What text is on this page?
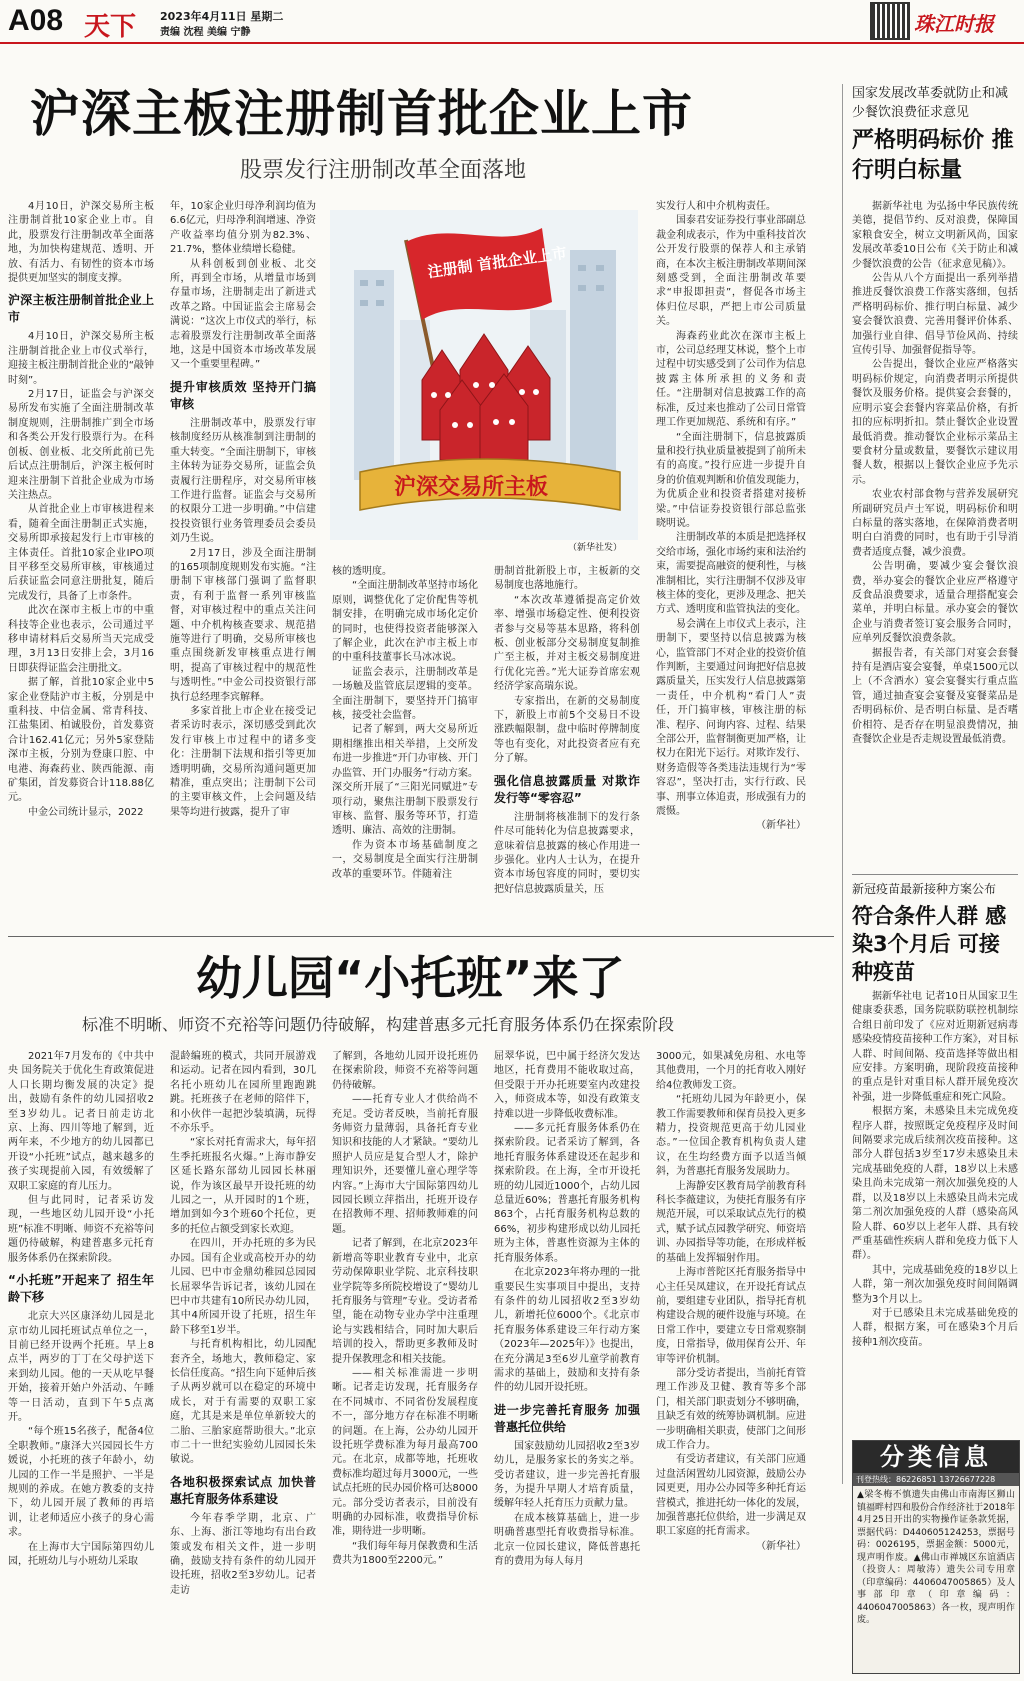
A08 天下 2023年4月11日 星期二
责编 沈程 美编 宁静	珠江时报
沪深主板注册制首批企业上市
股票发行注册制改革全面落地

4月10日，沪深交易所主板注册制首批10家企业上市。自此，股票发行注册制改革全面落地，为加快构建规范、透明、开放、有活力、有韧性的资本市场提供更加坚实的制度支撑。

沪深主板注册制首批企业上市

4月10日，沪深交易所主板注册制首批企业上市仪式举行，迎接主板注册制首批企业的“敲钟时刻”。

2月17日，证监会与沪深交易所发布实施了全面注册制改革制度规则，注册制推广到全市场和各类公开发行股票行为。在科创板、创业板、北交所此前已先后试点注册制后，沪深主板何时迎来注册制下首批企业成为市场关注热点。

从首批企业上市审核进程来看，随着全面注册制正式实施，交易所即承接起发行上市审核的主体责任。首批10家企业IPO项目平移至交易所审核，审核通过后获证监会同意注册批复，随后完成发行，具备了上市条件。

此次在深市主板上市的中重科技等企业也表示，公司通过平移申请材料后交易所当天完成受理，3月13日安排上会，3月16日即获得证监会注册批文。

据了解，首批10家企业中5家企业登陆沪市主板，分别是中重科技、中信金属、常青科技、江盐集团、柏诚股份，首发募资合计162.41亿元；另外5家登陆深市主板，分别为登康口腔、中电港、海森药业、陕西能源、南矿集团，首发募资合计118.88亿元。

中金公司统计显示，2022

年，10家企业归母净利润均值为6.6亿元，归母净利润增速、净资产收益率均值分别为82.3%、21.7%，整体业绩增长稳健。

从科创板到创业板、北交所，再到全市场，从增量市场到存量市场，注册制走出了新进式改革之路。中国证监会主席易会满说：“这次上市仪式的举行，标志着股票发行注册制改革全面落地，这是中国资本市场改革发展又一个重要里程碑。”

提升审核质效 坚持开门搞审核

注册制改革中，股票发行审核制度经历从核准制到注册制的重大转变。“全面注册制下，审核主体转为证券交易所，证监会负责履行注册程序，对交易所审核工作进行监督。证监会与交易所的权限分工进一步明确。”中信建投投资银行业务管理委员会委员刘乃生说。

2月17日，涉及全面注册制的165项制度规则发布实施。“注册制下审核部门强调了监督职责，有利于监督一系列审核监督，对审核过程中的重点关注问题、中介机构核查要求、规范措施等进行了明确，交易所审核也重点围绕新发审核重点进行阐明，提高了审核过程中的规范性与透明性。”中金公司投资银行部执行总经理李宾解释。

多家首批上市企业在接受记者采访时表示，深切感受到此次发行审核上市过程中的诸多变化：注册制下法规和指引等更加透明明确，交易所沟通问题更加精准，重点突出；注册制下公司的主要审核文件，上会问题及结果等均进行披露，提升了审

注册制 首批企业上市
沪深交易所主板
（新华社发）

核的透明度。

“全面注册制改革坚持市场化原则，调整优化了定价配售等机制安排，在明确完成市场化定价的同时，也使得投资者能够深入了解企业，此次在沪市主板上市的中重科技董事长马冰冰说。

证监会表示，注册制改革是一场触及监管底层逻辑的变革。全面注册制下，要坚持开门搞审核，接受社会监督。

记者了解到，两大交易所近期相继推出相关举措，上交所发布进一步推进“开门办审核、开门办监管、开门办服务”行动方案。深交所开展了“三阳光同赋进”专项行动，聚焦注册制下股票发行审核、监督、服务等环节，打造透明、廉洁、高效的注册制。

作为资本市场基础制度之一，交易制度是全面实行注册制改革的重要环节。伴随着注

册制首批新股上市，主板新的交易制度也落地施行。

“本次改革遵循提高定价效率、增强市场稳定性、便利投资者参与交易等基本思路，将科创板、创业板部分交易制度复制推广至主板，并对主板交易制度进行优化完善。”光大证券首席宏观经济学家高瑞东说。

专家指出，在新的交易制度下，新股上市前5个交易日不设涨跌幅限制，盘中临时停牌制度等也有变化，对此投资者应有充分了解。

强化信息披露质量 对欺诈发行等“零容忍”

注册制将核准制下的发行条件尽可能转化为信息披露要求，意味着信息披露的核心作用进一步强化。业内人士认为，在提升资本市场包容度的同时，要切实把好信息披露质量关，压

实发行人和中介机构责任。

国泰君安证券投行事业部副总裁金利成表示，作为中重科技首次公开发行股票的保荐人和主承销商，在本次主板注册制改革期间深刻感受到，全面注册制改革要求“申报即担责”，督促各市场主体归位尽职，严把上市公司质量关。

海森药业此次在深市主板上市，公司总经理艾林说，整个上市过程中切实感受到了公司作为信息披露主体所承担的义务和责任。“注册制对信息披露工作的高标准，反过来也推动了公司日常管理工作更加规范、系统和有序。”

“全面注册制下，信息披露质量和投行执业质量被提到了前所未有的高度。”投行应进一步提升自身的价值观判断和价值发现能力，为优质企业和投资者搭建对接桥梁。”中信证券投资银行部总监张晓明说。

注册制改革的本质是把选择权交给市场，强化市场约束和法治约束，需要提高融资的便利性，与核准制相比，实行注册制不仅涉及审核主体的变化，更涉及理念、把关方式、透明度和监管执法的变化。

易会满在上市仪式上表示，注册制下，要坚持以信息披露为核心，监管部门不对企业的投资价值作判断，主要通过问询把好信息披露质量关，压实发行人信息披露第一责任，中介机构“看门人”责任，开门搞审核，审核注册的标准、程序、问询内容、过程、结果全部公开，监督制衡更加严格，让权力在阳光下运行。对欺诈发行、财务造假等各类违法违规行为“零容忍”，坚决打击，实行行政、民事、刑事立体追责，形成强有力的震慑。

（新华社）

国家发展改革委就防止和减少餐饮浪费征求意见
严格明码标价 推行明白标量

据新华社电 为弘扬中华民族传统美德，提倡节约、反对浪费，保障国家粮食安全，树立文明新风尚，国家发展改革委10日公布《关于防止和减少餐饮浪费的公告（征求意见稿）》。

公告从八个方面提出一系列举措推进反餐饮浪费工作落实落细，包括严格明码标价、推行明白标量、减少宴会餐饮浪费、完善用餐评价体系、加强行业自律、倡导节俭风尚、持续宣传引导、加强督促指导等。

公告提出，餐饮企业应严格落实明码标价规定，向消费者明示所提供餐饮及服务价格。提供宴会套餐的，应明示宴会套餐内容菜品价格，有折扣的应标明折扣。禁止餐饮企业设置最低消费。推动餐饮企业标示菜品主要食材分量或数量，要餐饮示建议用餐人数，根据以上餐饮企业应予先示示。

农业农村部食物与营养发展研究所副研究员卢士军说，明码标价和明白标量的落实落地，在保障消费者明明白白消费的同时，也有助于引导消费者适度点餐，减少浪费。

公告明确，要减少宴会餐饮浪费，举办宴会的餐饮企业应严格遵守反食品浪费要求，适量合理搭配宴会菜单，并明白标量。承办宴会的餐饮企业与消费者签订宴会服务合同时，应单列反餐饮浪费条款。

据报告者，有关部门对宴会套餐持有是酒店宴会宴餐，单桌1500元以上（不含酒水）宴会宴餐实行重点监管，通过抽查宴会宴餐及宴餐菜品是否明码标价、是否明白标量、是否嗜价相符、是否存在明显浪费情况，抽查餐饮企业是否走规设置最低消费。

新冠疫苗最新接种方案公布
符合条件人群 感染3个月后 可接种疫苗

据新华社电 记者10日从国家卫生健康委获悉，国务院联防联控机制综合组日前印发了《应对近期新冠病毒感染疫情疫苗接种工作方案》，对目标人群、时间间隔、疫苗选择等做出相应安排。方案明确，现阶段疫苗接种的重点是针对重目标人群开展免疫次补强，进一步降低重症和死亡风险。

根据方案，未感染且未完成免疫程序人群，按照既定免疫程序及时间间隔要求完成后续剂次疫苗接种。这部分人群包括3岁至17岁未感染且未完成基础免疫的人群，18岁以上未感染且尚未完成第一剂次加强免疫的人群，以及18岁以上未感染且尚未完成第二剂次加强免疫的人群（感染高风险人群、60岁以上老年人群、具有较严重基础性疾病人群和免疫力低下人群）。

其中，完成基础免疫的18岁以上人群，第一剂次加强免疫时间间隔调整为3个月以上。

对于已感染且未完成基础免疫的人群，根据方案，可在感染3个月后接种1剂次疫苗。

分类信息
刊登热线：86226851 13726677228
▲梁冬梅不慎遗失由佛山市南海区狮山镇福畔村四和股份合作经济社于2018年4月25日开出的实物操作证条款凭据，票据代码：D440605124253，票据号码：0026195，票据金额：5000元，现声明作废。▲佛山市禅城区东谊酒店（投资人：周敏涛）遗失公司专用章（印章编码：4406047005865）及人事部印章（印章编码：4406047005863）各一枚，现声明作废。
幼儿园“小托班”来了
标准不明晰、师资不充裕等问题仍待破解，构建普惠多元托育服务体系仍在探索阶段

2021年7月发布的《中共中央 国务院关于优化生育政策促进人口长期均衡发展的决定》提出，鼓励有条件的幼儿园招收2至3岁幼儿。记者日前走访北京、上海、四川等地了解到，近两年来，不少地方的幼儿园都已开设“小托班”试点，越来越多的孩子实现提前入园，有效缓解了双职工家庭的育儿压力。

但与此同时，记者采访发现，一些地区幼儿园开设“小托班”标准不明晰、师资不充裕等问题仍待破解，构建普惠多元托育服务体系仍在探索阶段。

“小托班”开起来了 招生年龄下移

北京大兴区康泽幼儿园是北京市幼儿园托班试点单位之一，目前已经开设两个托班。早上8点半，两岁的丁丁在父母护送下来到幼儿园。他的一天从吃早餐开始，接着开始户外活动、午睡等一日活动，直到下午5点离开。

“每个班15名孩子，配备4位全职教师。”康泽大兴园园长牛方媛说，小托班的孩子年龄小，幼儿园的工作一半是照护、一半是规则的养成。在她方教委的支持下，幼儿园开展了教师的再培训，让老师适应小孩子的身心需求。

在上海市大宁国际第四幼儿园，托班幼儿与小班幼儿采取

混龄编班的模式，共同开展游戏和运动。记者在园内看到，30几名托小班幼儿在园所里跑跑跳跳。托班孩子在老师的陪伴下，和小伙伴一起把沙装填满，玩得不亦乐乎。

“家长对托育需求大，每年招生季托班报名火爆。”上海市静安区延长路东部幼儿园园长林丽说，作为该区最早开设托班的幼儿园之一，从开园时的1个班，增加到如今3个班60个托位，更多的托位占额受到家长欢迎。

在四川，开办托班的多为民办园。国有企业或高校开办的幼儿园、巴中市金鼎幼稚园总园园长屈翠华告诉记者，该幼儿园在巴中市共建有10所民办幼儿园，其中4所园开设了托班，招生年龄下移至1岁半。

与托育机构相比，幼儿园配套齐全，场地大，教师稳定、家长信任度高。“招生向下延伸后孩子从两岁就可以在稳定的环境中成长，对于有需要的双职工家庭，尤其是来是单位单新较大的二胎、三胎家庭帮助很大。”北京市二十一世纪实验幼儿园园长朱敏说。

各地积极探索试点 加快普惠托育服务体系建设

今年春季学期，北京、广东、上海、浙江等地均有出台政策或发布相关文件，进一步明确，鼓励支持有条件的幼儿园开设托班，招收2至3岁幼儿。记者走访

了解到，各地幼儿园开设托班仍在探索阶段，师资不充裕等问题仍待破解。

——托育专业人才供给尚不充足。受访者反映，当前托育服务师资力量薄弱，具备托育专业知识和技能的人才紧缺。“要幼儿照护人员应是复合型人才，除护理知识外，还要懂儿童心理学等内容。”上海市大宁国际第四幼儿园园长顾立萍指出，托班开设存在招教师不理、招师教师难的问题。

记者了解到，在北京2023年新增高等职业教育专业中，北京劳动保障职业学院、北京科技职业学院等多所院校增设了“婴幼儿托育服务与管理”专业。受访者希望，能在动物专业办学中注重理论与实践相结合，同时加大职后培训的投入，帮助更多教师及时提升保教理念和相关技能。

——相关标准需进一步明晰。记者走访发现，托育服务存在不同城市、不同省份发展程度不一，部分地方存在标准不明晰的问题。在上海，公办幼儿园开设托班学费标准为每月最高700元。在北京，成都等地，托班收费标准均超过每月3000元，一些试点托班的民办园价格可达8000元。部分受访者表示，目前没有明确的办园标准，收费指导价标准，期待进一步明晰。

“我们每年每月保教费和生活费共为1800至2200元。”

屈翠华说，巴中属于经济欠发达地区，托育费用不能收取过高，但受限于开办托班要室内改建投入，师资成本等，如没有政策支持难以进一步降低收费标准。

——多元托育服务体系仍在探索阶段。记者采访了解到，各地托育服务体系建设还在起步和探索阶段。在上海，全市开设托班的幼儿园近1000个，占幼儿园总量近60%；普惠托育服务机构863个，占托育服务机构总数的66%，初步构建形成以幼儿园托班为主体，普惠性资源为主体的托育服务体系。

在北京2023年将办理的一批重要民生实事项目中提出，支持有条件的幼儿园招收2至3岁幼儿，新增托位6000个。《北京市托育服务体系建设三年行动方案（2023年—2025年）》也提出，在充分满足3至6岁儿童学前教育需求的基础上，鼓励和支持有条件的幼儿园开设托班。

进一步完善托育服务 加强普惠托位供给

国家鼓励幼儿园招收2至3岁幼儿，是服务家长的务实之举。受访者建议，进一步完善托育服务，为提升早期人才培育质量，缓解年轻人托育压力贡献力量。

在成本核算基础上，进一步明确普惠型托育收费指导标准。北京一位园长建议，降低普惠托育的费用为每人每月

3000元，如果减免房租、水电等其他费用，一个月的托育收入刚好给4位教师发工资。

“托班幼儿园为年龄更小，保教工作需要教师和保育员投入更多精力，投资规范更高于幼儿园业态。”一位国企教育机构负责人建议，在生均经费方面予以适当倾斜，为普惠托育服务发展助力。

上海静安区教育局学前教育科科长李薇建议，为使托育服务有序规范开展，可以采取试点先行的模式，赋予试点园教学研究、师资培训、办园指导等功能，在形成样板的基础上发挥辐射作用。

上海市普陀区托育服务指导中心主任吴凤建议，在开设托育试点前，要组建专业团队，指导托育机构建设合规的硬件设施与环境。在日常工作中，要建立专日常观察制度，日常指导，做用保育公开、年审等评价机制。

部分受访者提出，当前托育管理工作涉及卫健、教育等多个部门，相关部门职责划分不够明确，且缺乏有效的统筹协调机制。应进一步明确相关职责，使部门之间形成工作合力。

有受访者建议，有关部门应通过盘活闲置幼儿园资源，鼓励公办园更更，用办公办园等多种托育运营模式，推进托幼一体化的发展，加强普惠托位供给，进一步满足双职工家庭的托育需求。

（新华社）
